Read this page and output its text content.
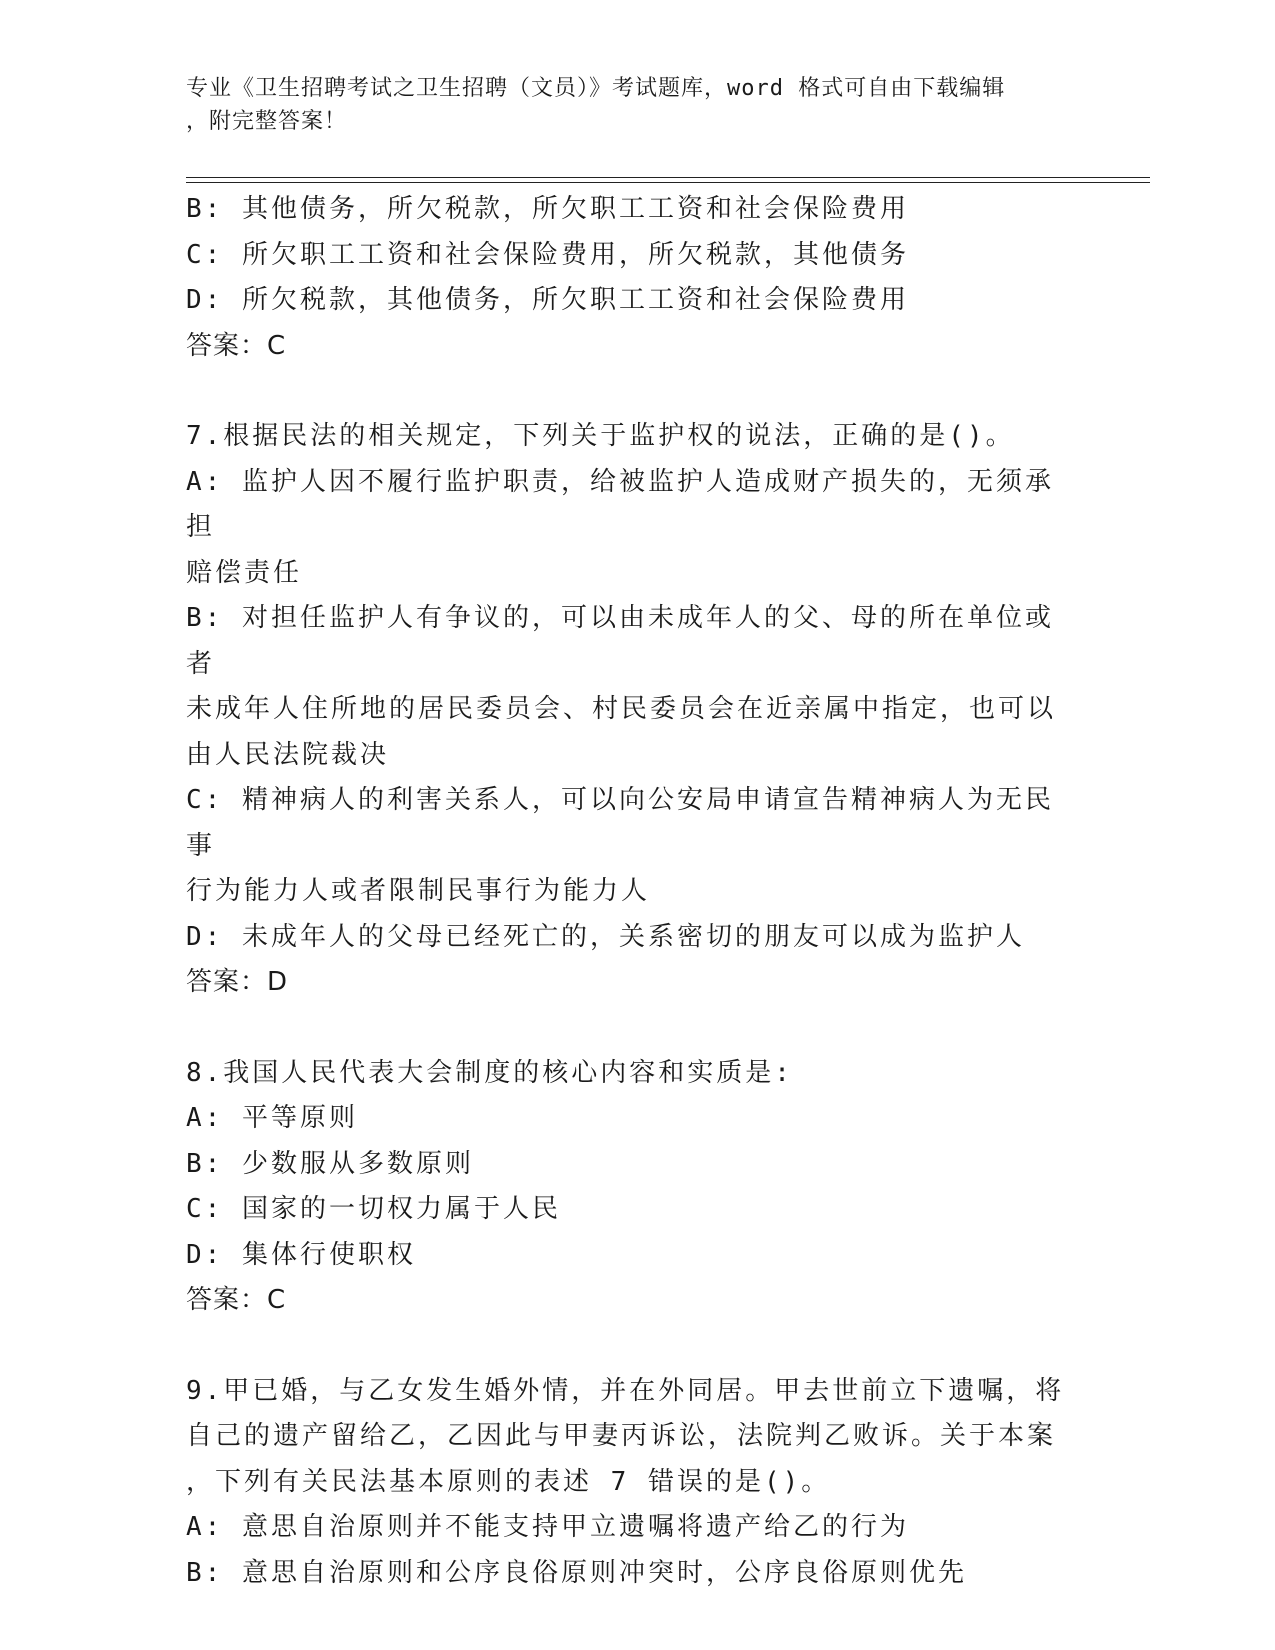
专业《卫生招聘考试之卫生招聘（文员）》考试题库，word 格式可自由下载编辑
，附完整答案！
B: 其他债务，所欠税款，所欠职工工资和社会保险费用
C: 所欠职工工资和社会保险费用，所欠税款，其他债务
D: 所欠税款，其他债务，所欠职工工资和社会保险费用
答案：C
7.根据民法的相关规定，下列关于监护权的说法，正确的是()。
A: 监护人因不履行监护职责，给被监护人造成财产损失的，无须承担
赔偿责任
B: 对担任监护人有争议的，可以由未成年人的父、母的所在单位或者
未成年人住所地的居民委员会、村民委员会在近亲属中指定，也可以
由人民法院裁决
C: 精神病人的利害关系人，可以向公安局申请宣告精神病人为无民事
行为能力人或者限制民事行为能力人
D: 未成年人的父母已经死亡的，关系密切的朋友可以成为监护人
答案：D
8.我国人民代表大会制度的核心内容和实质是:
A: 平等原则
B: 少数服从多数原则
C: 国家的一切权力属于人民
D: 集体行使职权
答案：C
9.甲已婚，与乙女发生婚外情，并在外同居。甲去世前立下遗嘱，将
自己的遗产留给乙，乙因此与甲妻丙诉讼，法院判乙败诉。关于本案
，下列有关民法基本原则的表述 7 错误的是()。
A: 意思自治原则并不能支持甲立遗嘱将遗产给乙的行为
B: 意思自治原则和公序良俗原则冲突时，公序良俗原则优先
